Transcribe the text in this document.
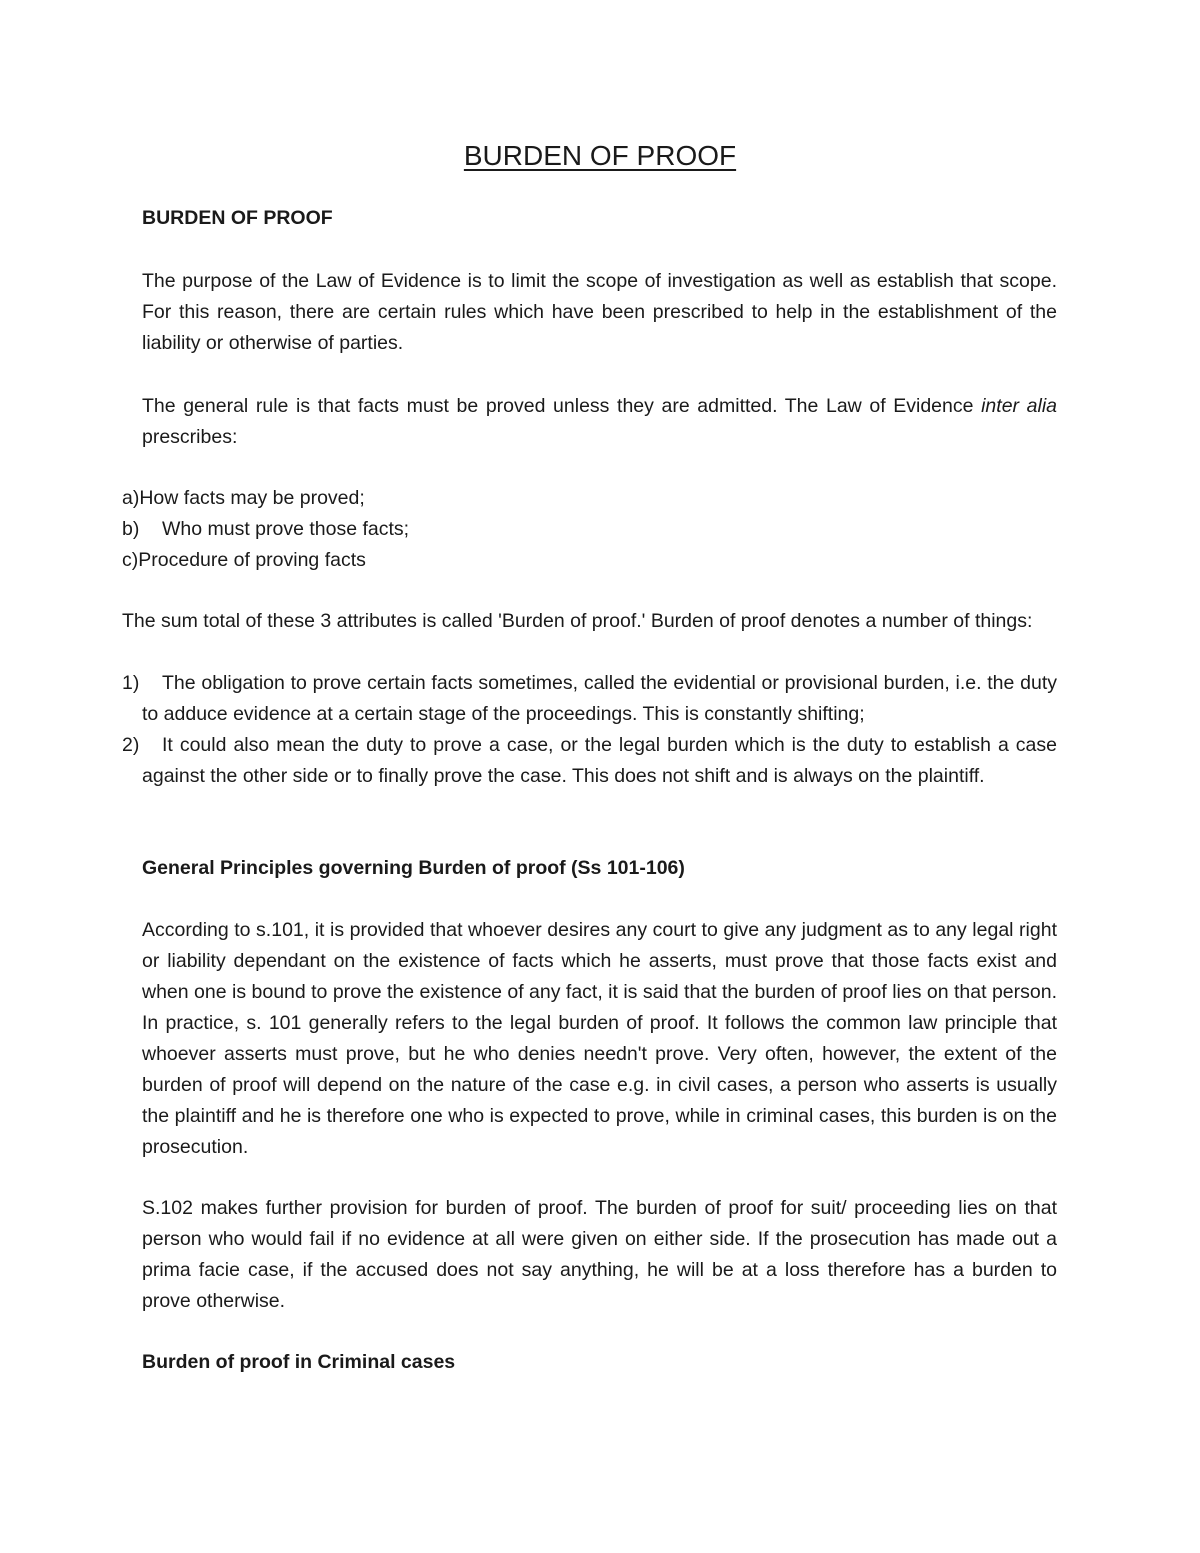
BURDEN OF PROOF

BURDEN OF PROOF

The purpose of the Law of Evidence is to limit the scope of investigation as well as establish that scope. For this reason, there are certain rules which have been prescribed to help in the establishment of the liability or otherwise of parties.

The general rule is that facts must be proved unless they are admitted. The Law of Evidence inter alia prescribes:

a)How facts may be proved;
b) Who must prove those facts;
c)Procedure of proving facts

The sum total of these 3 attributes is called 'Burden of proof.' Burden of proof denotes a number of things:

1) The obligation to prove certain facts sometimes, called the evidential or provisional burden, i.e. the duty to adduce evidence at a certain stage of the proceedings. This is constantly shifting;
2) It could also mean the duty to prove a case, or the legal burden which is the duty to establish a case against the other side or to finally prove the case. This does not shift and is always on the plaintiff.

General Principles governing Burden of proof (Ss 101-106)

According to s.101, it is provided that whoever desires any court to give any judgment as to any legal right or liability dependant on the existence of facts which he asserts, must prove that those facts exist and when one is bound to prove the existence of any fact, it is said that the burden of proof lies on that person. In practice, s. 101 generally refers to the legal burden of proof. It follows the common law principle that whoever asserts must prove, but he who denies needn't prove. Very often, however, the extent of the burden of proof will depend on the nature of the case e.g. in civil cases, a person who asserts is usually the plaintiff and he is therefore one who is expected to prove, while in criminal cases, this burden is on the prosecution.

S.102 makes further provision for burden of proof. The burden of proof for suit/ proceeding lies on that person who would fail if no evidence at all were given on either side. If the prosecution has made out a prima facie case, if the accused does not say anything, he will be at a loss therefore has a burden to prove otherwise.

Burden of proof in Criminal cases
